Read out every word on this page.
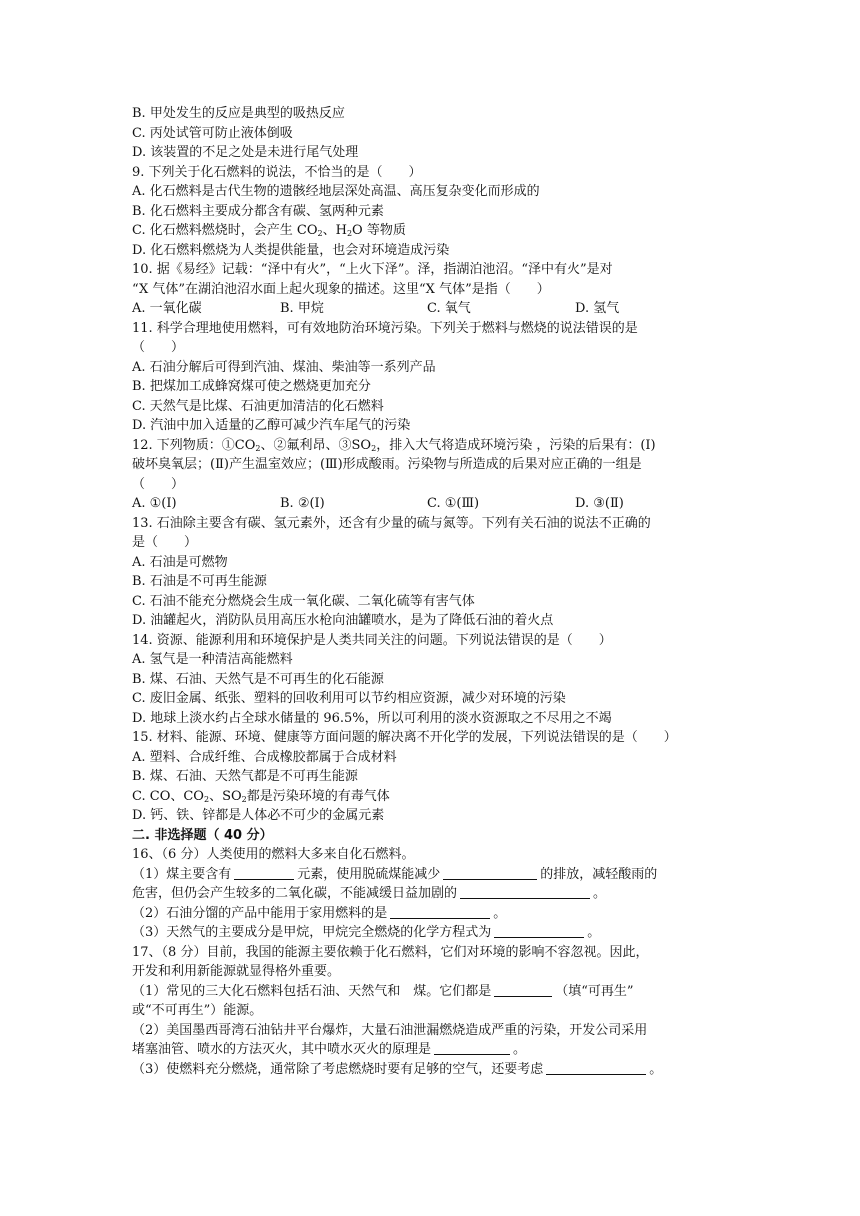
B. 甲处发生的反应是典型的吸热反应
C. 丙处试管可防止液体倒吸
D. 该装置的不足之处是未进行尾气处理
9. 下列关于化石燃料的说法，不恰当的是（　　）
A. 化石燃料是古代生物的遗骸经地层深处高温、高压复杂变化而形成的
B. 化石燃料主要成分都含有碳、氢两种元素
C. 化石燃料燃烧时，会产生 $CO_2$、$H_2O$ 等物质
D. 化石燃料燃烧为人类提供能量，也会对环境造成污染
10. 据《易经》记载：“泽中有火”，“上火下泽”。泽，指湖泊池沼。“泽中有火”是对
“X 气体”在湖泊池沼水面上起火现象的描述。这里“X 气体”是指（　　）
A. 一氧化碳	B. 甲烷	C. 氧气	D. 氢气
11. 科学合理地使用燃料，可有效地防治环境污染。下列关于燃料与燃烧的说法错误的是
（　　）
A. 石油分解后可得到汽油、煤油、柴油等一系列产品
B. 把煤加工成蜂窝煤可使之燃烧更加充分
C. 天然气是比煤、石油更加清洁的化石燃料
D. 汽油中加入适量的乙醇可减少汽车尾气的污染
12. 下列物质：$①CO_2$、②氟利昂、$③SO_2$，排入大气将造成环境污染 ，污染的后果有：(Ⅰ)
破坏臭氧层；(Ⅱ)产生温室效应；(Ⅲ)形成酸雨。污染物与所造成的后果对应正确的一组是
（　　）
A. ①(Ⅰ)	B. ②(Ⅰ)	C. ①(Ⅲ)	D. ③(Ⅱ)
13. 石油除主要含有碳、氢元素外，还含有少量的硫与氮等。下列有关石油的说法不正确的
是（　　）
A. 石油是可燃物
B. 石油是不可再生能源
C. 石油不能充分燃烧会生成一氧化碳、二氧化硫等有害气体
D. 油罐起火，消防队员用高压水枪向油罐喷水，是为了降低石油的着火点
14. 资源、能源利用和环境保护是人类共同关注的问题。下列说法错误的是（　　）
A. 氢气是一种清洁高能燃料
B. 煤、石油、天然气是不可再生的化石能源
C. 废旧金属、纸张、塑料的回收利用可以节约相应资源，减少对环境的污染
D. 地球上淡水约占全球水储量的 96.5%，所以可利用的淡水资源取之不尽用之不竭
15. 材料、能源、环境、健康等方面问题的解决离不开化学的发展，下列说法错误的是（　　）
A. 塑料、合成纤维、合成橡胶都属于合成材料
B. 煤、石油、天然气都是不可再生能源
C. CO、$CO_2$、$SO_2$都是污染环境的有毒气体
D. 钙、铁、锌都是人体必不可少的金属元素
二. 非选择题（ 40 分）
16、（6 分）人类使用的燃料大多来自化石燃料。
（1）煤主要含有	元素，使用脱硫煤能减少	的排放，减轻酸雨的
危害，但仍会产生较多的二氧化碳，不能减缓日益加剧的	。
（2）石油分馏的产品中能用于家用燃料的是	。
（3）天然气的主要成分是甲烷，甲烷完全燃烧的化学方程式为	。
17、（8 分）目前，我国的能源主要依赖于化石燃料，它们对环境的影响不容忽视。因此，
开发和利用新能源就显得格外重要。
（1）常见的三大化石燃料包括石油、天然气和　煤。它们都是	（填“可再生”
或“不可再生”）能源。
（2）美国墨西哥湾石油钻井平台爆炸，大量石油泄漏燃烧造成严重的污染，开发公司采用
堵塞油管、喷水的方法灭火，其中喷水灭火的原理是	。
（3）使燃料充分燃烧，通常除了考虑燃烧时要有足够的空气，还要考虑	。
